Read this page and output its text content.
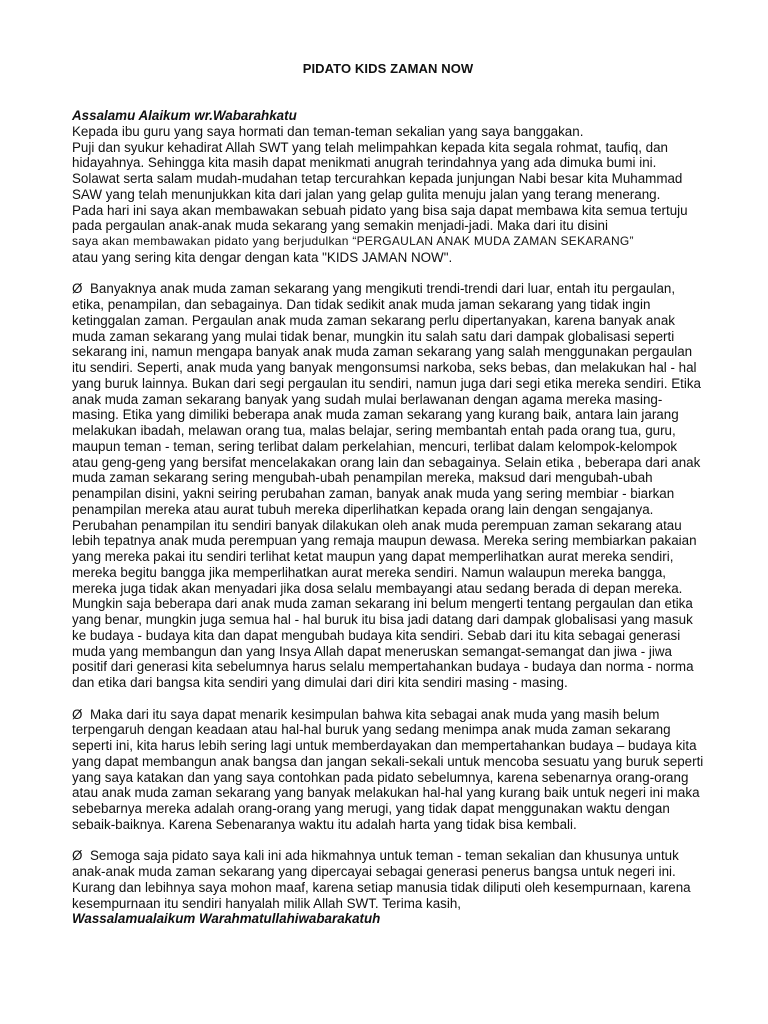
PIDATO KIDS ZAMAN NOW
Assalamu Alaikum wr.Wabarahkatu
Kepada ibu guru yang saya hormati dan teman-teman sekalian yang saya banggakan.
Puji dan syukur kehadirat Allah SWT yang telah melimpahkan kepada kita segala rohmat, taufiq, dan hidayahnya. Sehingga kita masih dapat menikmati anugrah terindahnya yang ada dimuka bumi ini.
Solawat serta salam mudah-mudahan tetap tercurahkan kepada junjungan Nabi besar kita Muhammad SAW yang telah menunjukkan kita dari jalan yang gelap gulita menuju jalan yang terang menerang.
Pada hari ini saya akan membawakan sebuah pidato yang bisa saja dapat membawa kita semua tertuju pada pergaulan anak-anak muda sekarang yang semakin menjadi-jadi. Maka dari itu disini
saya akan membawakan pidato yang berjudulkan “PERGAULAN ANAK MUDA ZAMAN SEKARANG”
atau yang sering kita dengar dengan kata "KIDS JAMAN NOW".
Ø Banyaknya anak muda zaman sekarang yang mengikuti trendi-trendi dari luar, entah itu pergaulan, etika, penampilan, dan sebagainya. Dan tidak sedikit anak muda jaman sekarang yang tidak ingin ketinggalan zaman. Pergaulan anak muda zaman sekarang perlu dipertanyakan, karena banyak anak muda zaman sekarang yang mulai tidak benar, mungkin itu salah satu dari dampak globalisasi seperti sekarang ini, namun mengapa banyak anak muda zaman sekarang yang salah menggunakan pergaulan itu sendiri. Seperti, anak muda yang banyak mengonsumsi narkoba, seks bebas, dan melakukan hal - hal yang buruk lainnya. Bukan dari segi pergaulan itu sendiri, namun juga dari segi etika mereka sendiri. Etika anak muda zaman sekarang banyak yang sudah mulai berlawanan dengan agama mereka masing-masing. Etika yang dimiliki beberapa anak muda zaman sekarang yang kurang baik, antara lain jarang melakukan ibadah, melawan orang tua, malas belajar, sering membantah entah pada orang tua, guru, maupun teman - teman, sering terlibat dalam perkelahian, mencuri, terlibat dalam kelompok-kelompok atau geng-geng yang bersifat mencelakakan orang lain dan sebagainya. Selain etika , beberapa dari anak muda zaman sekarang sering mengubah-ubah penampilan mereka, maksud dari mengubah-ubah penampilan disini, yakni seiring perubahan zaman, banyak anak muda yang sering membiar - biarkan penampilan mereka atau aurat tubuh mereka diperlihatkan kepada orang lain dengan sengajanya. Perubahan penampilan itu sendiri banyak dilakukan oleh anak muda perempuan zaman sekarang atau lebih tepatnya anak muda perempuan yang remaja maupun dewasa. Mereka sering membiarkan pakaian yang mereka pakai itu sendiri terlihat ketat maupun yang dapat memperlihatkan aurat mereka sendiri, mereka begitu bangga jika memperlihatkan aurat mereka sendiri. Namun walaupun mereka bangga, mereka juga tidak akan menyadari jika dosa selalu membayangi atau sedang berada di depan mereka. Mungkin saja beberapa dari anak muda zaman sekarang ini belum mengerti tentang pergaulan dan etika yang benar, mungkin juga semua hal - hal buruk itu bisa jadi datang dari dampak globalisasi yang masuk ke budaya - budaya kita dan dapat mengubah budaya kita sendiri. Sebab dari itu kita sebagai generasi muda yang membangun dan yang Insya Allah dapat meneruskan semangat-semangat dan jiwa - jiwa positif dari generasi kita sebelumnya harus selalu mempertahankan budaya - budaya dan norma - norma dan etika dari bangsa kita sendiri yang dimulai dari diri kita sendiri masing - masing.
Ø Maka dari itu saya dapat menarik kesimpulan bahwa kita sebagai anak muda yang masih belum terpengaruh dengan keadaan atau hal-hal buruk yang sedang menimpa anak muda zaman sekarang seperti ini, kita harus lebih sering lagi untuk memberdayakan dan mempertahankan budaya – budaya kita yang dapat membangun anak bangsa dan jangan sekali-sekali untuk mencoba sesuatu yang buruk seperti yang saya katakan dan yang saya contohkan pada pidato sebelumnya, karena sebenarnya orang-orang atau anak muda zaman sekarang yang banyak melakukan hal-hal yang kurang baik untuk negeri ini maka sebebarnya mereka adalah orang-orang yang merugi, yang tidak dapat menggunakan waktu dengan sebaik-baiknya. Karena Sebenaranya waktu itu adalah harta yang tidak bisa kembali.
Ø Semoga saja pidato saya kali ini ada hikmahnya untuk teman - teman sekalian dan khusunya untuk anak-anak muda zaman sekarang yang dipercayai sebagai generasi penerus bangsa untuk negeri ini. Kurang dan lebihnya saya mohon maaf, karena setiap manusia tidak diliputi oleh kesempurnaan, karena kesempurnaan itu sendiri hanyalah milik Allah SWT. Terima kasih,
Wassalamualaikum Warahmatullahiwabarakatuh
